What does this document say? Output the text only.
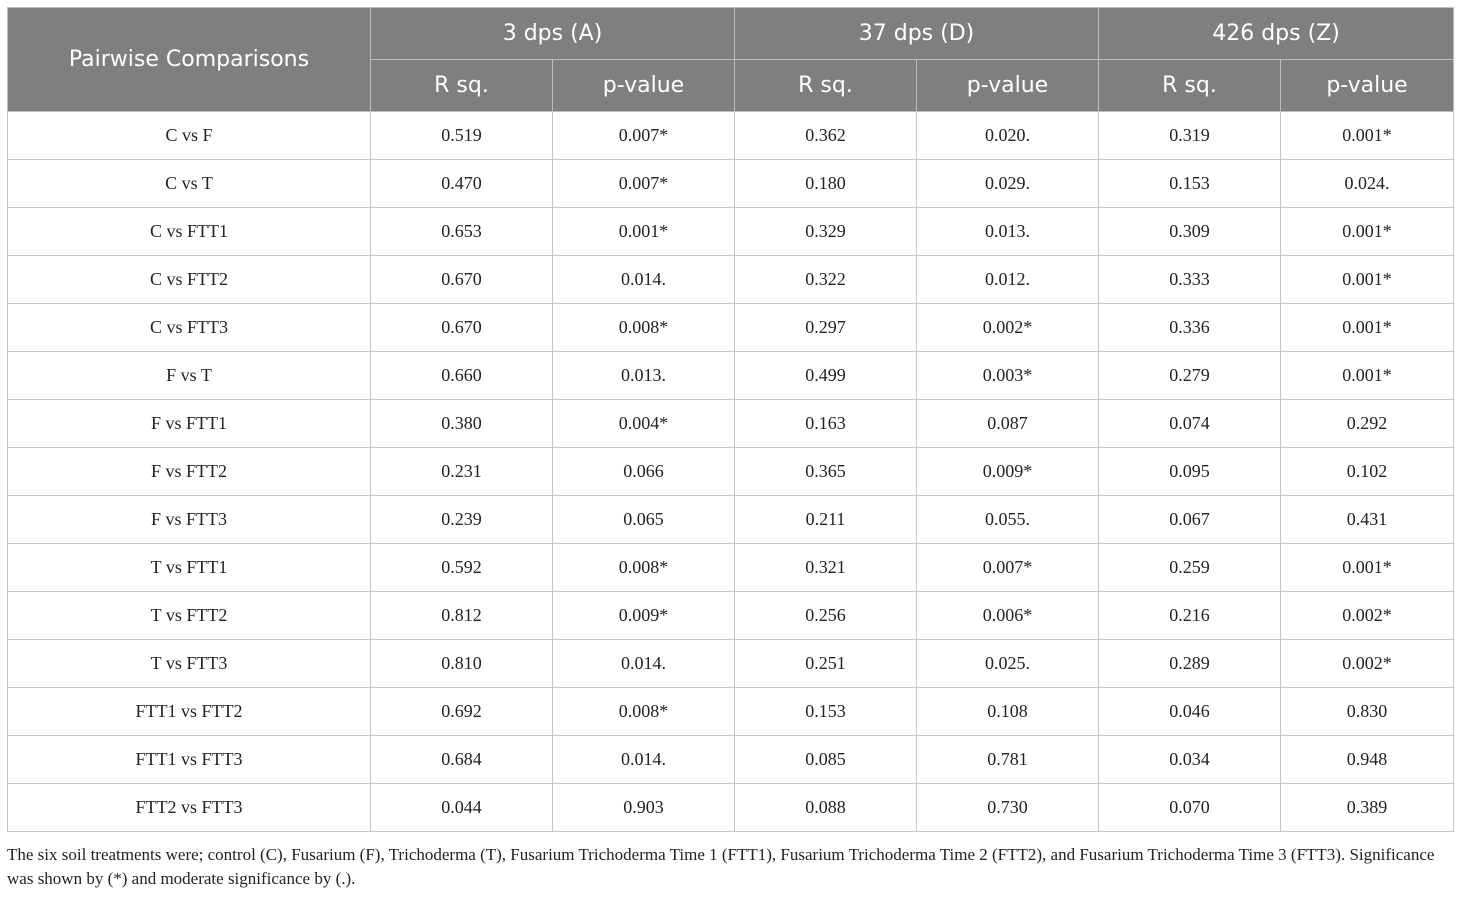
Pairwise Comparisons	3 dps (A)		37 dps (D)		426 dps (Z)	
	R sq.	p-value	R sq.	p-value	R sq.	p-value
C vs F	0.519	0.007*	0.362	0.020.	0.319	0.001*
C vs T	0.470	0.007*	0.180	0.029.	0.153	0.024.
C vs FTT1	0.653	0.001*	0.329	0.013.	0.309	0.001*
C vs FTT2	0.670	0.014.	0.322	0.012.	0.333	0.001*
C vs FTT3	0.670	0.008*	0.297	0.002*	0.336	0.001*
F vs T	0.660	0.013.	0.499	0.003*	0.279	0.001*
F vs FTT1	0.380	0.004*	0.163	0.087	0.074	0.292
F vs FTT2	0.231	0.066	0.365	0.009*	0.095	0.102
F vs FTT3	0.239	0.065	0.211	0.055.	0.067	0.431
T vs FTT1	0.592	0.008*	0.321	0.007*	0.259	0.001*
T vs FTT2	0.812	0.009*	0.256	0.006*	0.216	0.002*
T vs FTT3	0.810	0.014.	0.251	0.025.	0.289	0.002*
FTT1 vs FTT2	0.692	0.008*	0.153	0.108	0.046	0.830
FTT1 vs FTT3	0.684	0.014.	0.085	0.781	0.034	0.948
FTT2 vs FTT3	0.044	0.903	0.088	0.730	0.070	0.389

The six soil treatments were; control (C), Fusarium (F), Trichoderma (T), Fusarium Trichoderma Time 1 (FTT1), Fusarium Trichoderma Time 2 (FTT2), and Fusarium Trichoderma Time 3 (FTT3). Significance was shown by (*) and moderate significance by (.).
